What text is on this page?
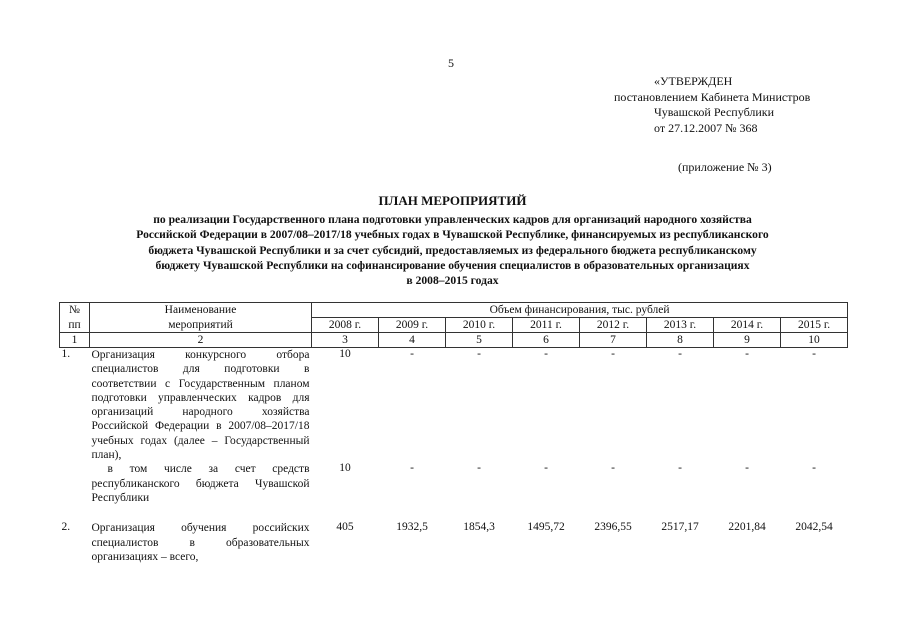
5
«УТВЕРЖДЕН
постановлением Кабинета Министров
Чувашской Республики
от 27.12.2007 № 368
(приложение № 3)
ПЛАН МЕРОПРИЯТИЙ
по реализации Государственного плана подготовки управленческих кадров для организаций народного хозяйства
Российской Федерации в 2007/08–2017/18 учебных годах в Чувашской Республике, финансируемых из республиканского
бюджета Чувашской Республики и за счет субсидий, предоставляемых из федерального бюджета республиканскому
бюджету Чувашской Республики на софинансирование обучения специалистов в образовательных организациях
в 2008–2015 годах
№	Наименование	Объем финансирования, тыс. рублей							
пп	мероприятий	2008 г.	2009 г.	2010 г.	2011 г.	2012 г.	2013 г.	2014 г.	2015 г.
1	2	3	4	5	6	7	8	9	10
1.	Организация конкурсного отбора специалистов для подготовки в соответствии с Государственным планом подготовки управленческих кадров для организаций народного хозяйства Российской Федерации в 2007/08–2017/18 учебных годах (далее – Государственный план),	10	-	-	-	-	-	-	-
	в том числе за счет средств республиканского бюджета Чувашской Республики	10	-	-	-	-	-	-	-

2.	Организация обучения российских специалистов в образовательных организациях – всего,	405	1932,5	1854,3	1495,72	2396,55	2517,17	2201,84	2042,54
